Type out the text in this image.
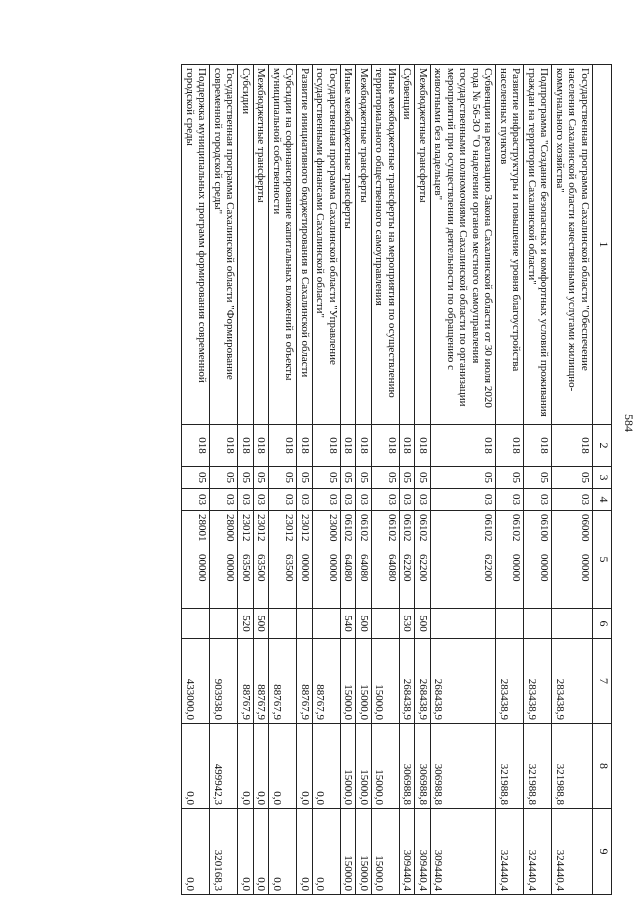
584
1	2	3	4	5	6	7	8	9
Государственная программа Сахалинской области "Обеспечение населения Сахалинской области качественными услугами жилищно-коммунального хозяйства"	018	05	03	0600000000		283438,9	321988,8	324440,4
Подпрограмма "Создание безопасных и комфортных условий проживания граждан на территории Сахалинской области"	018	05	03	0610000000		283438,9	321988,8	324440,4
Развитие инфраструктуры и повышение уровня благоустройства населенных пунктов	018	05	03	0610200000		283438,9	321988,8	324440,4
Субвенции на реализацию Закона Сахалинской области от 30 июля 2020 года № 56-ЗО "О наделении органов местного самоуправления государственными полномочиями Сахалинской области по организации мероприятий при осуществлении деятельности по обращению с животными без владельцев"	018	05	03	0610262200		268438,9	306988,8	309440,4
Межбюджетные трансферты	018	05	03	0610262200	500	268438,9	306988,8	309440,4
Субвенции	018	05	03	0610262200	530	268438,9	306988,8	309440,4
Иные межбюджетные трансферты на мероприятия по осуществлению территориального общественного самоуправления	018	05	03	0610264080		15000,0	15000,0	15000,0
Межбюджетные трансферты	018	05	03	0610264080	500	15000,0	15000,0	15000,0
Иные межбюджетные трансферты	018	05	03	0610264080	540	15000,0	15000,0	15000,0
Государственная программа Сахалинской области "Управление государственными финансами Сахалинской области"	018	05	03	2300000000		88767,9	0,0	0,0
Развитие инициативного бюджетирования в Сахалинской области	018	05	03	2301200000		88767,9	0,0	0,0
Субсидии на софинансирование капитальных вложений в объекты муниципальной собственности	018	05	03	2301263500		88767,9	0,0	0,0
Межбюджетные трансферты	018	05	03	2301263500	500	88767,9	0,0	0,0
Субсидии	018	05	03	2301263500	520	88767,9	0,0	0,0
Государственная программа Сахалинской области "Формирование современной городской среды"	018	05	03	2800000000		903938,0	499942,3	320168,3
Поддержка муниципальных программ формирования современной городской среды	018	05	03	2800100000		433000,0	0,0	0,0
